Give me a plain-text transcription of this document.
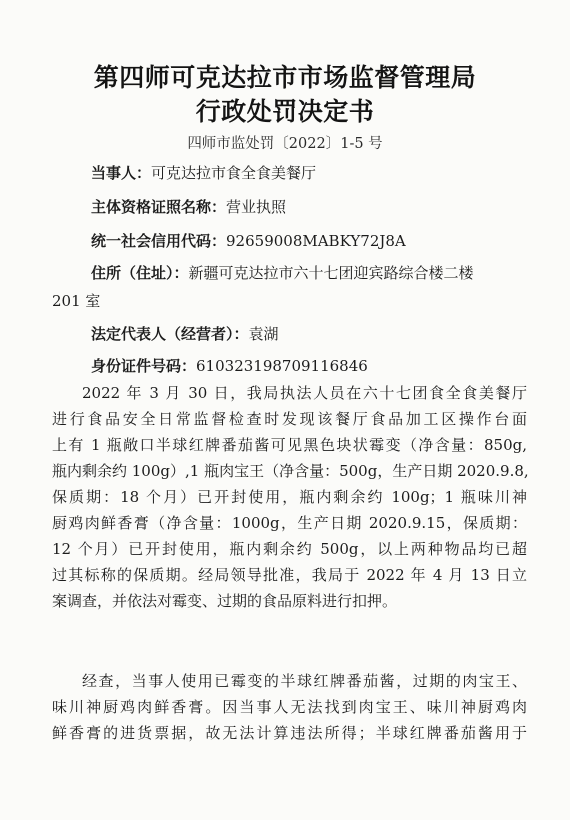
第四师可克达拉市市场监督管理局
行政处罚决定书
四师市监处罚〔2022〕1-5 号
当事人：可克达拉市食全食美餐厅
主体资格证照名称：营业执照
统一社会信用代码：92659008MABKY72J8A
住所（住址）：新疆可克达拉市六十七团迎宾路综合楼二楼
201 室
法定代表人（经营者）：袁湖
身份证件号码：610323198709116846
2022 年 3 月 30 日，我局执法人员在六十七团食全食美餐厅
进行食品安全日常监督检查时发现该餐厅食品加工区操作台面
上有 1 瓶敞口半球红牌番茄酱可见黑色块状霉变（净含量：850g,
瓶内剩余约 100g）,1 瓶肉宝王（净含量：500g，生产日期 2020.9.8,
保质期：18 个月）已开封使用，瓶内剩余约 100g；1 瓶味川神
厨鸡肉鲜香膏（净含量：1000g，生产日期 2020.9.15，保质期：
12 个月）已开封使用，瓶内剩余约 500g，以上两种物品均已超
过其标称的保质期。经局领导批准，我局于 2022 年 4 月 13 日立
案调查，并依法对霉变、过期的食品原料进行扣押。
经查，当事人使用已霉变的半球红牌番茄酱，过期的肉宝王、
味川神厨鸡肉鲜香膏。因当事人无法找到肉宝王、味川神厨鸡肉
鲜香膏的进货票据，故无法计算违法所得；半球红牌番茄酱用于
